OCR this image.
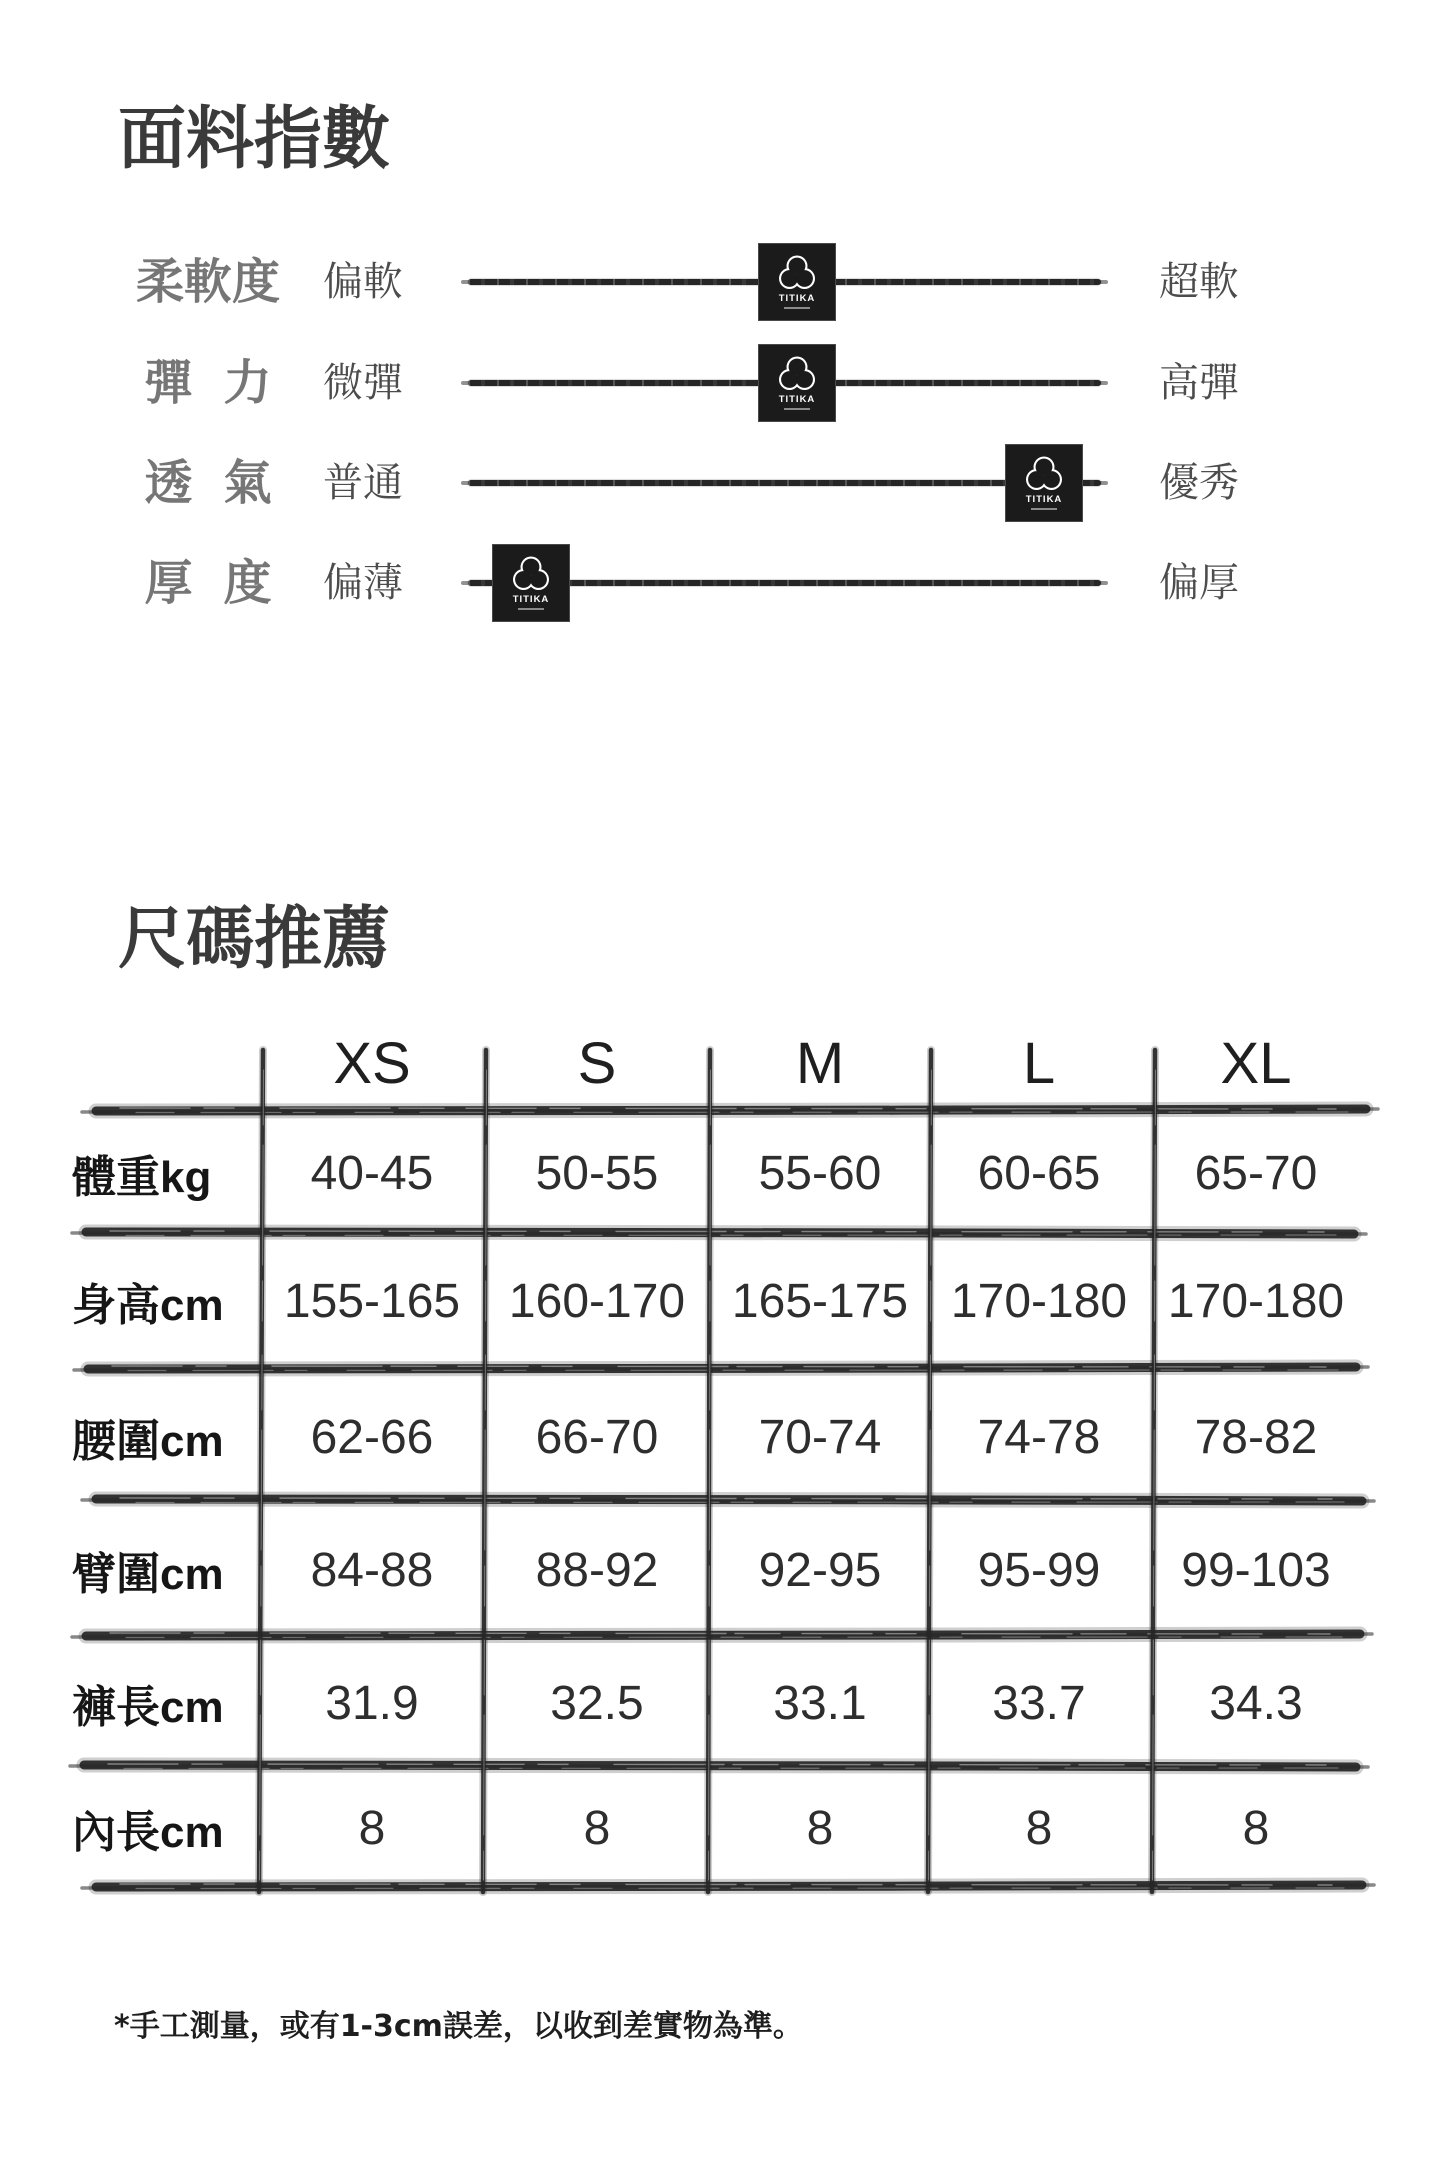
面料指數
柔軟度 偏軟	TITIKA	超軟
彈 力	微彈	TITIKA	高彈
透 氣	普通	TITIKA	優秀
厚 度	偏薄	TITIKA	偏厚
尺碼推薦
XS	S	M	L	XL
體重kg	40-45	50-55	55-60	60-65	65-70
身高cm	155-165	160-170 165-175 170-180 170-180
腰圍cm	62-66	66-70	70-74	74-78	78-82
臂圍cm	84-88	88-92	92-95	95-99	99-103
褲長cm	31.9	32.5	33.1	33.7	34.3
內長cm	8	8	8	8	8
*手工測量，或有1-3cm誤差，以收到差實物為準。
